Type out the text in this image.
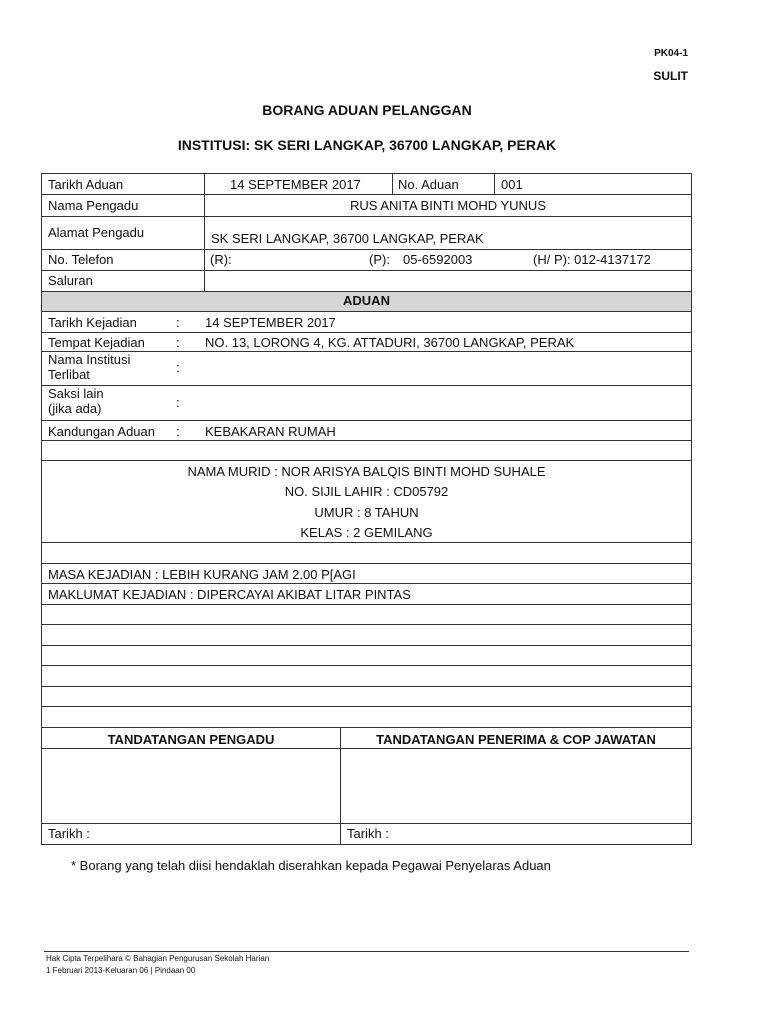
PK04-1
SULIT
BORANG ADUAN PELANGGAN
INSTITUSI: SK SERI LANGKAP, 36700 LANGKAP, PERAK
Tarikh Aduan	14 SEPTEMBER 2017	No. Aduan	001
Nama Pengadu	RUS ANITA BINTI MOHD YUNUS
Alamat Pengadu	SK SERI LANGKAP, 36700 LANGKAP, PERAK
No. Telefon	(R):	(P): 05-6592003	(H/ P): 012-4137172
Saluran
ADUAN
Tarikh Kejadian	: 14 SEPTEMBER 2017
Tempat Kejadian : NO. 13, LORONG 4, KG. ATTADURI, 36700 LANGKAP, PERAK
Nama Institusi Terlibat	:
Saksi lain (jika ada)	:
Kandungan Aduan : KEBAKARAN RUMAH
NAMA MURID : NOR ARISYA BALQIS BINTI MOHD SUHALE
NO. SIJIL LAHIR : CD05792
UMUR : 8 TAHUN
KELAS : 2 GEMILANG
MASA KEJADIAN : LEBIH KURANG JAM 2.00 P[AGI
MAKLUMAT KEJADIAN : DIPERCAYAI AKIBAT LITAR PINTAS
TANDATANGAN PENGADU	TANDATANGAN PENERIMA & COP JAWATAN
Tarikh :	Tarikh :
* Borang yang telah diisi hendaklah diserahkan kepada Pegawai Penyelaras Aduan
Hak Cipta Terpelihara © Bahagian Pengurusan Sekolah Harian
1 Februari 2013-Keluaran 06 | Pindaan 00
